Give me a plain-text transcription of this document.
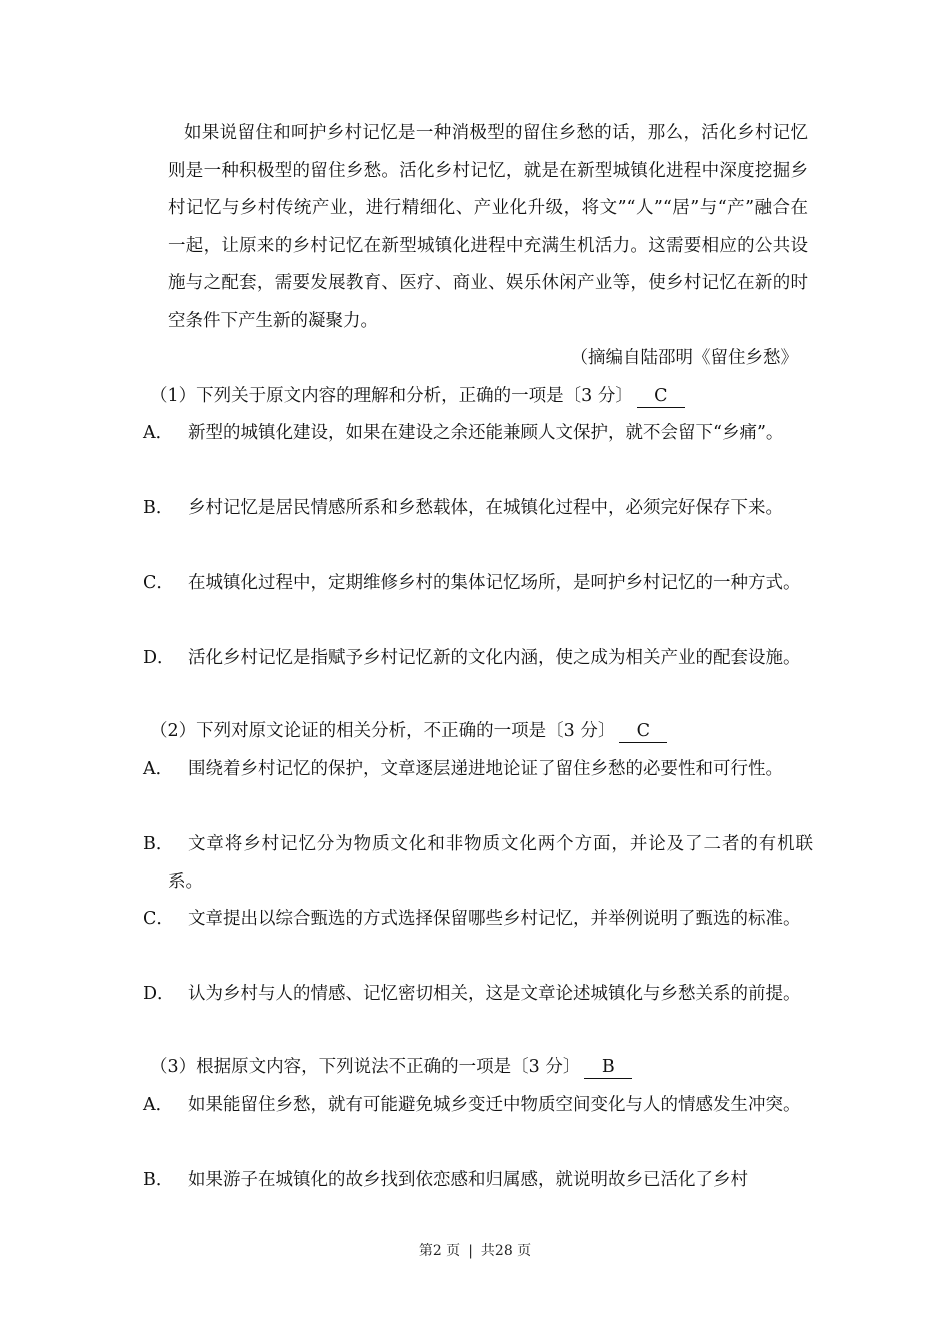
如果说留住和呵护乡村记忆是一种消极型的留住乡愁的话，那么，活化乡村记忆则是一种积极型的留住乡愁。活化乡村记忆，就是在新型城镇化进程中深度挖掘乡村记忆与乡村传统产业，进行精细化、产业化升级，将文”“人”“居”与“产”融合在一起，让原来的乡村记忆在新型城镇化进程中充满生机活力。这需要相应的公共设施与之配套，需要发展教育、医疗、商业、娱乐休闲产业等，使乡村记忆在新的时空条件下产生新的凝聚力。

（摘编自陆邵明《留住乡愁》
（1）下列关于原文内容的理解和分析，正确的一项是〔3 分〕 C
A． 新型的城镇化建设，如果在建设之余还能兼顾人文保护，就不会留下“乡痛”。
B． 乡村记忆是居民情感所系和乡愁载体，在城镇化过程中，必须完好保存下来。
C． 在城镇化过程中，定期维修乡村的集体记忆场所，是呵护乡村记忆的一种方式。
D． 活化乡村记忆是指赋予乡村记忆新的文化内涵，使之成为相关产业的配套设施。
（2）下列对原文论证的相关分析，不正确的一项是〔3 分〕 C
A． 围绕着乡村记忆的保护，文章逐层递进地论证了留住乡愁的必要性和可行性。
B． 文章将乡村记忆分为物质文化和非物质文化两个方面，并论及了二者的有机联系。
C． 文章提出以综合甄选的方式选择保留哪些乡村记忆，并举例说明了甄选的标准。
D． 认为乡村与人的情感、记忆密切相关，这是文章论述城镇化与乡愁关系的前提。
（3）根据原文内容，下列说法不正确的一项是〔3 分〕 B
A． 如果能留住乡愁，就有可能避免城乡变迁中物质空间变化与人的情感发生冲突。
B． 如果游子在城镇化的故乡找到依恋感和归属感，就说明故乡已活化了乡村
第2 页 | 共28 页
